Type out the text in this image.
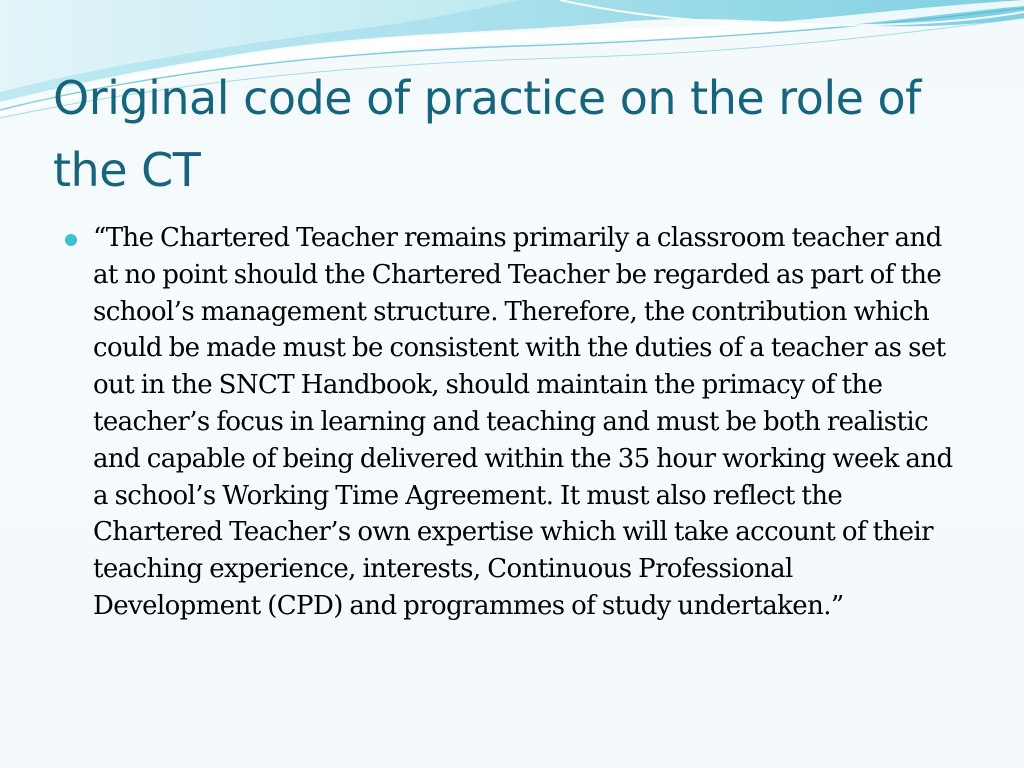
Original code of practice on the role of the CT
“The Chartered Teacher remains primarily a classroom teacher and at no point should the Chartered Teacher be regarded as part of the school’s management structure. Therefore, the contribution which could be made must be consistent with the duties of a teacher as set out in the SNCT Handbook, should maintain the primacy of the teacher’s focus in learning and teaching and must be both realistic and capable of being delivered within the 35 hour working week and a school’s Working Time Agreement. It must also reflect the Chartered Teacher’s own expertise which will take account of their teaching experience, interests, Continuous Professional Development (CPD) and programmes of study undertaken.”
